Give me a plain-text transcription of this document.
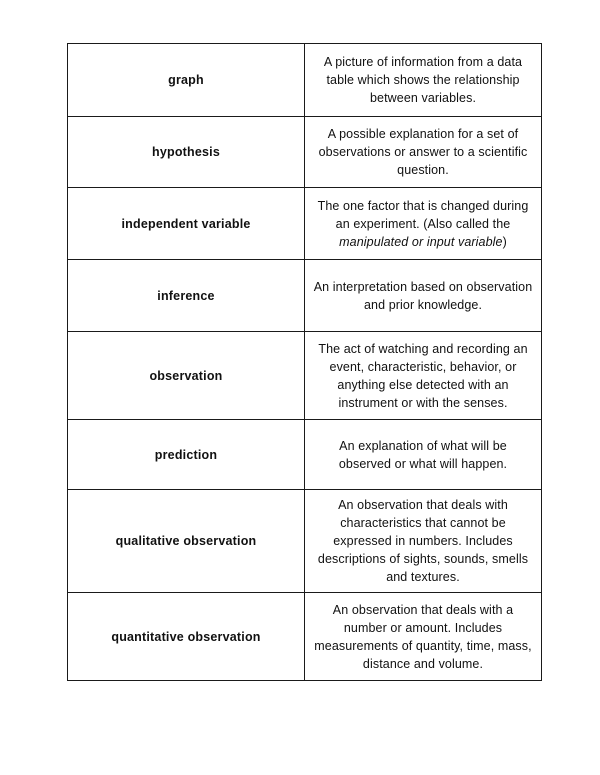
graph	A picture of information from a data table which shows the relationship between variables.
hypothesis	A possible explanation for a set of observations or answer to a scientific question.
independent variable	The one factor that is changed during an experiment. (Also called the manipulated or input variable)
inference	An interpretation based on observation and prior knowledge.
observation	The act of watching and recording an event, characteristic, behavior, or anything else detected with an instrument or with the senses.
prediction	An explanation of what will be observed or what will happen.
qualitative observation	An observation that deals with characteristics that cannot be expressed in numbers. Includes descriptions of sights, sounds, smells and textures.
quantitative observation	An observation that deals with a number or amount. Includes measurements of quantity, time, mass, distance and volume.
